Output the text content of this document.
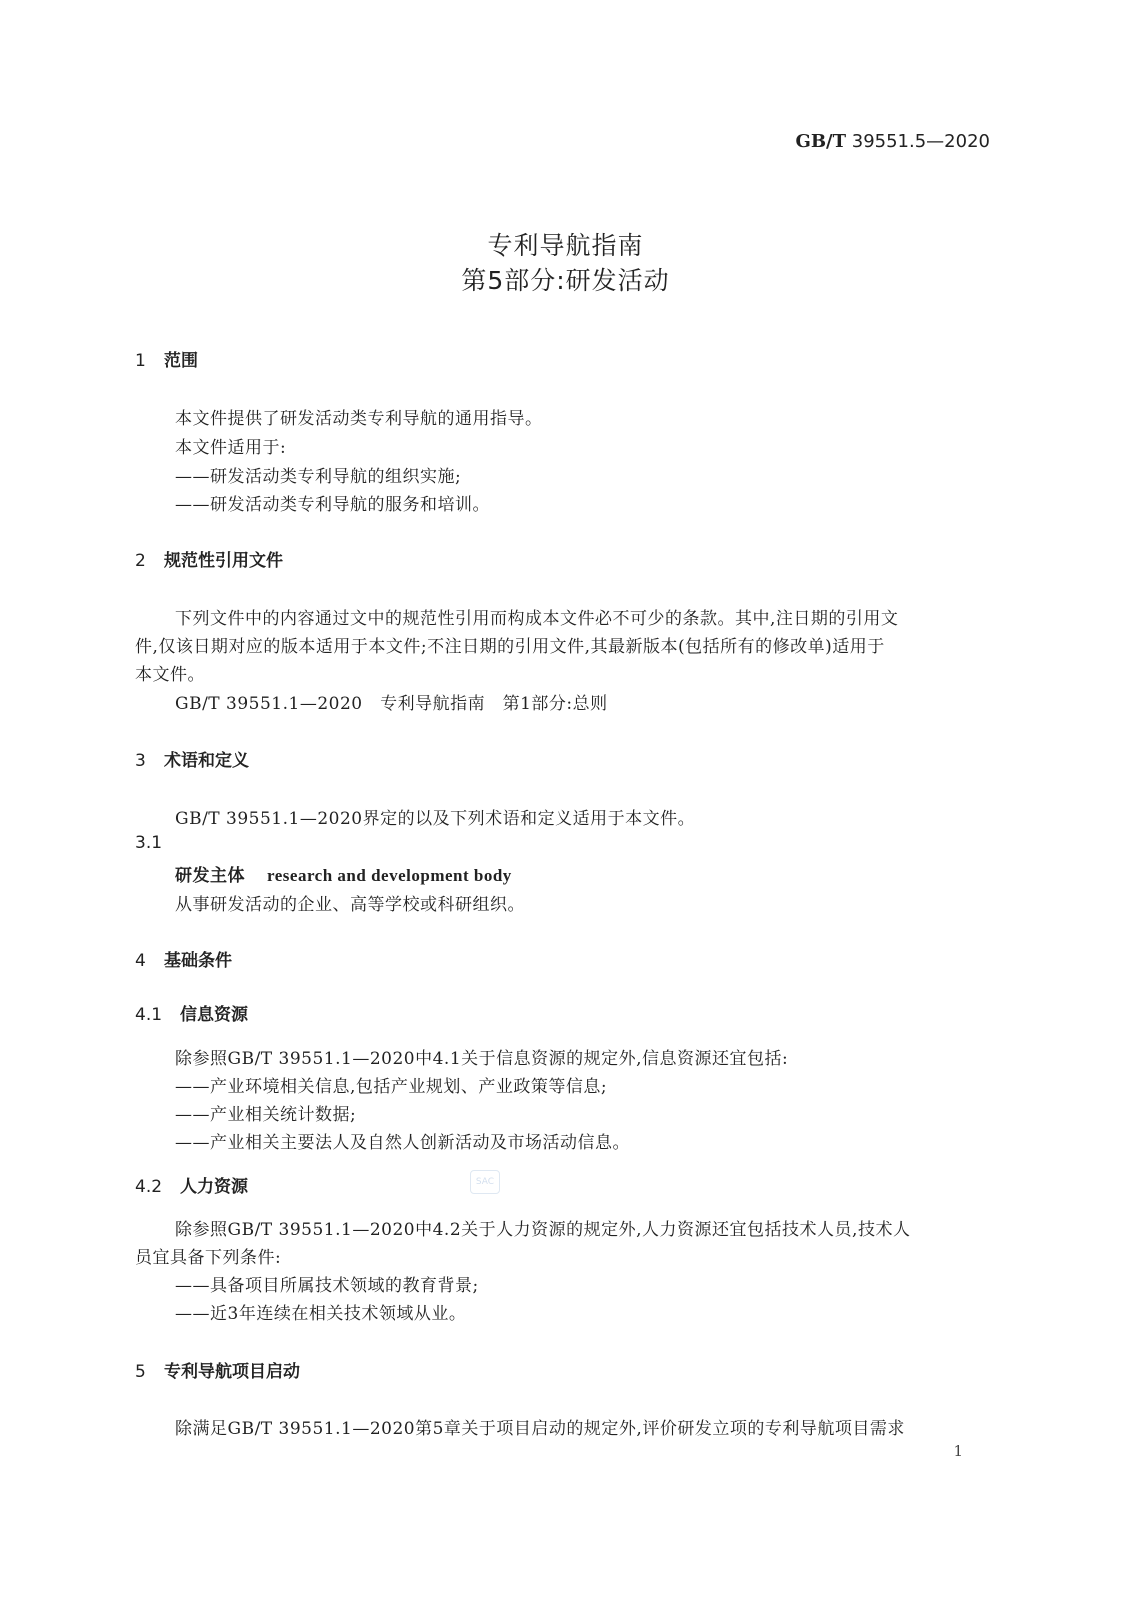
GB/T 39551.5—2020
专利导航指南
第5部分:研发活动
1 范围
本文件提供了研发活动类专利导航的通用指导。
本文件适用于:
——研发活动类专利导航的组织实施;
——研发活动类专利导航的服务和培训。
2 规范性引用文件
下列文件中的内容通过文中的规范性引用而构成本文件必不可少的条款。其中,注日期的引用文
件,仅该日期对应的版本适用于本文件;不注日期的引用文件,其最新版本(包括所有的修改单)适用于
本文件。
GB/T 39551.1—2020　专利导航指南　第1部分:总则
3 术语和定义
GB/T 39551.1—2020界定的以及下列术语和定义适用于本文件。
3.1
研发主体 research and development body
从事研发活动的企业、高等学校或科研组织。
4 基础条件
4.1 信息资源
除参照GB/T 39551.1—2020中4.1关于信息资源的规定外,信息资源还宜包括:
——产业环境相关信息,包括产业规划、产业政策等信息;
——产业相关统计数据;
——产业相关主要法人及自然人创新活动及市场活动信息。
4.2 人力资源	SAC
除参照GB/T 39551.1—2020中4.2关于人力资源的规定外,人力资源还宜包括技术人员,技术人
员宜具备下列条件:
——具备项目所属技术领域的教育背景;
——近3年连续在相关技术领域从业。
5 专利导航项目启动
除满足GB/T 39551.1—2020第5章关于项目启动的规定外,评价研发立项的专利导航项目需求
1
